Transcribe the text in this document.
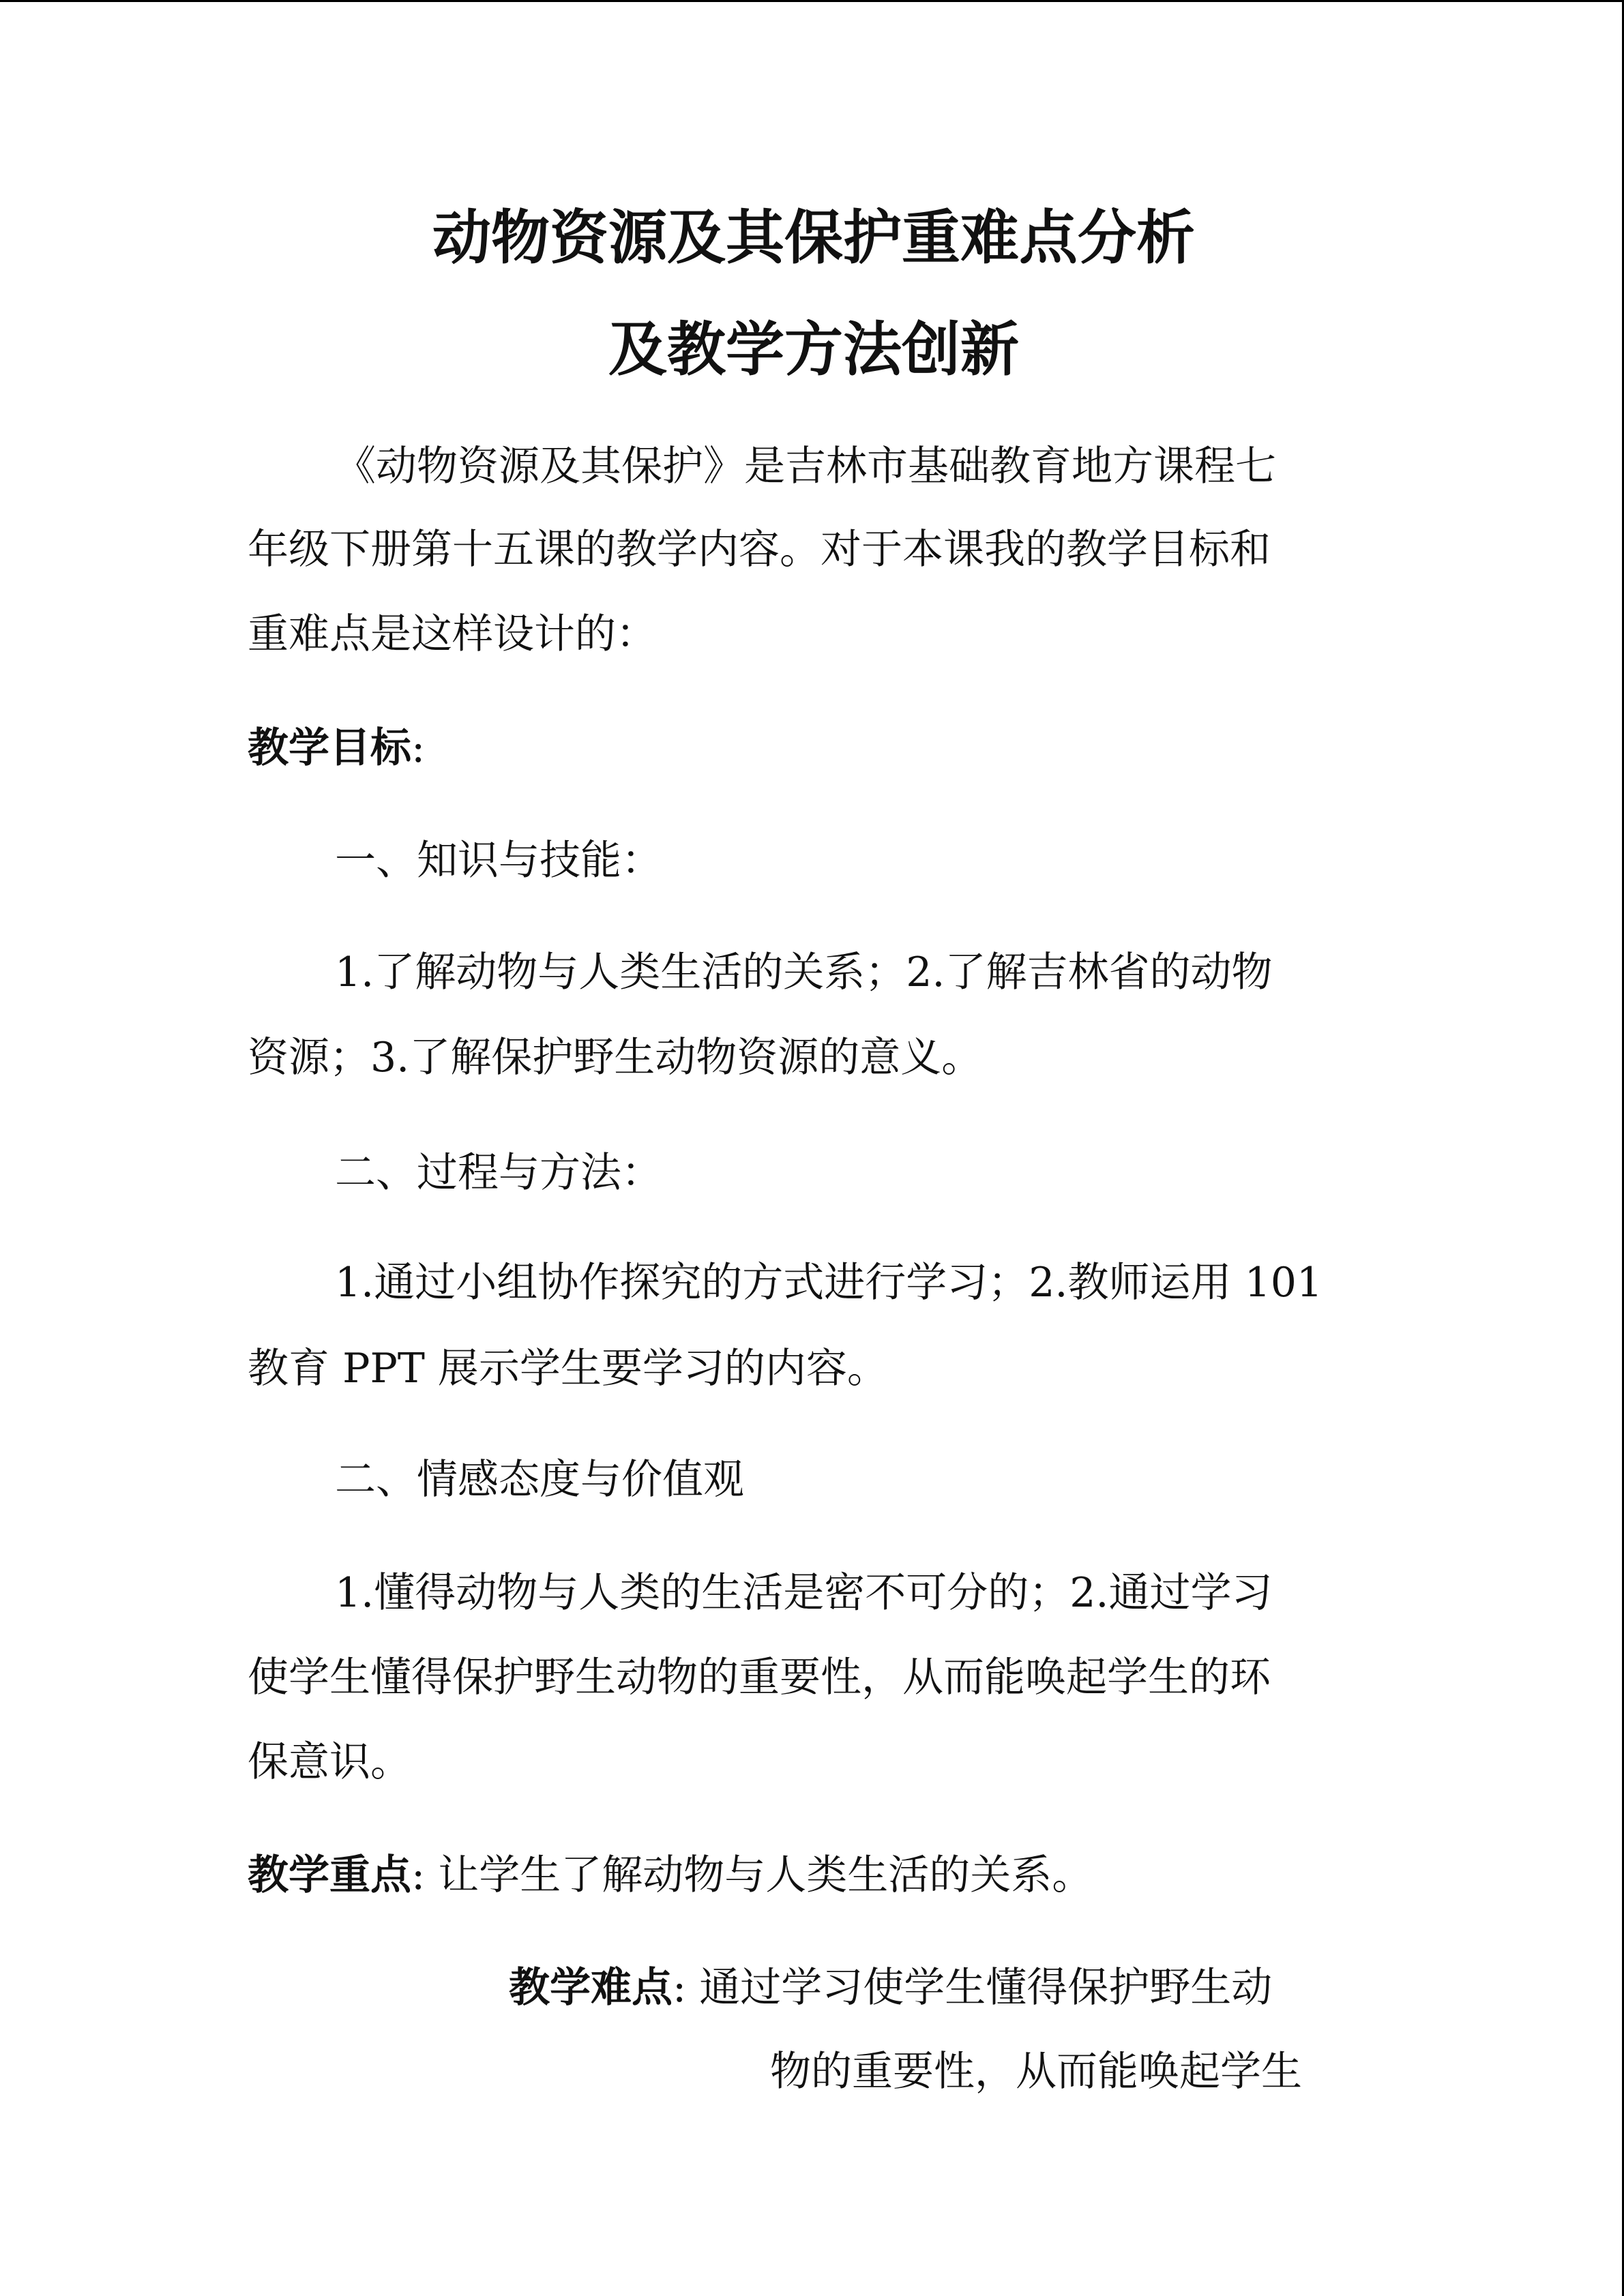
动物资源及其保护重难点分析
及教学方法创新
《动物资源及其保护》是吉林市基础教育地方课程七
年级下册第十五课的教学内容。对于本课我的教学目标和
重难点是这样设计的：
教学目标:
一、知识与技能：
1.了解动物与人类生活的关系；2.了解吉林省的动物
资源；3.了解保护野生动物资源的意义。
二、过程与方法：
1.通过小组协作探究的方式进行学习；2.教师运用 101
教育 PPT 展示学生要学习的内容。
二、情感态度与价值观
1.懂得动物与人类的生活是密不可分的；2.通过学习
使学生懂得保护野生动物的重要性，从而能唤起学生的环
保意识。
教学重点: 让学生了解动物与人类生活的关系。
教学难点: 通过学习使学生懂得保护野生动
物的重要性，从而能唤起学生
